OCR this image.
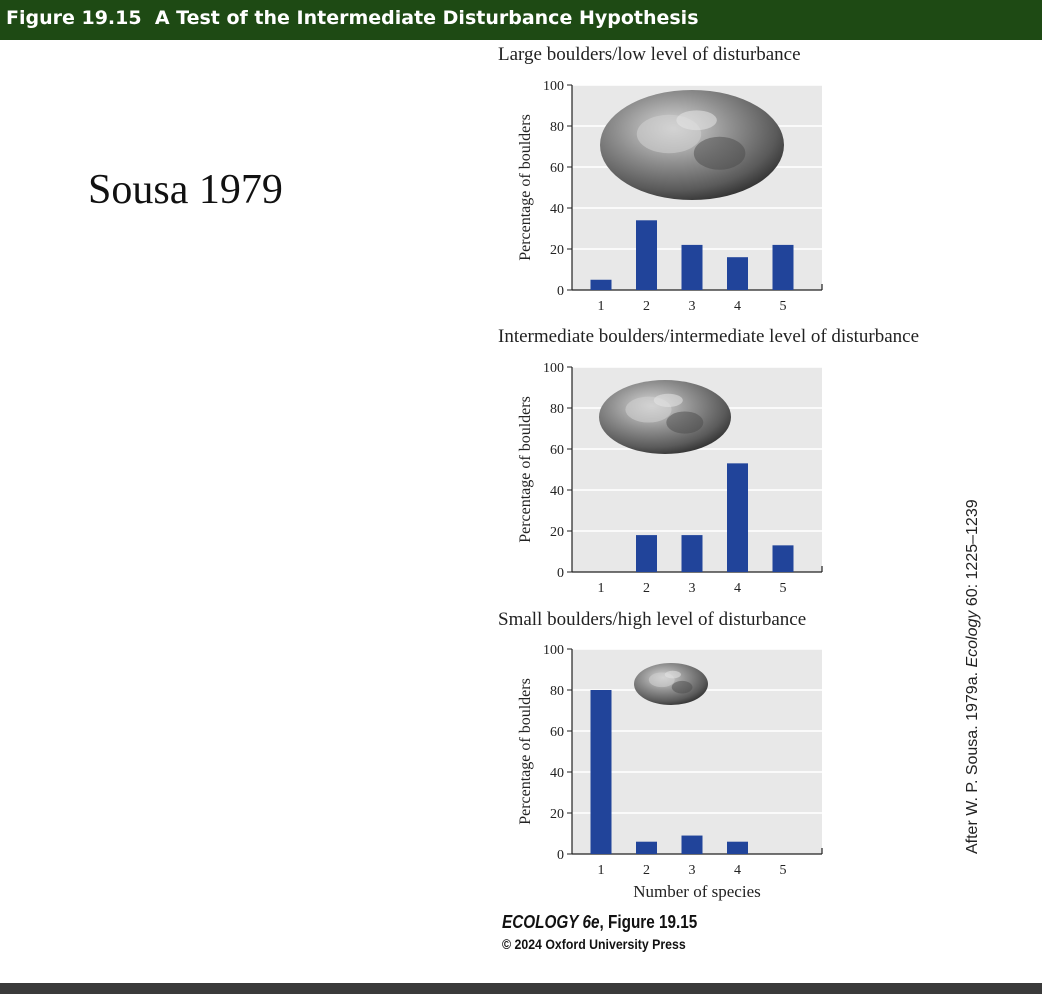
Figure 19.15 A Test of the Intermediate Disturbance Hypothesis
Sousa 1979
Large boulders/low level of disturbance
Intermediate boulders/intermediate level of disturbance
Small boulders/high level of disturbance
0
20
40
60
80
100
1	2	3	4	5
Percentage of boulders
0
20
40
60
80
100
1	2	3	4	5
Percentage of boulders
0
20
40
60
80
100
1	2	3	4	5
Percentage of boulders
Number of species
After W. P. Sousa. 1979a. Ecology 60: 1225–1239
ECOLOGY 6e, Figure 19.15
© 2024 Oxford University Press
